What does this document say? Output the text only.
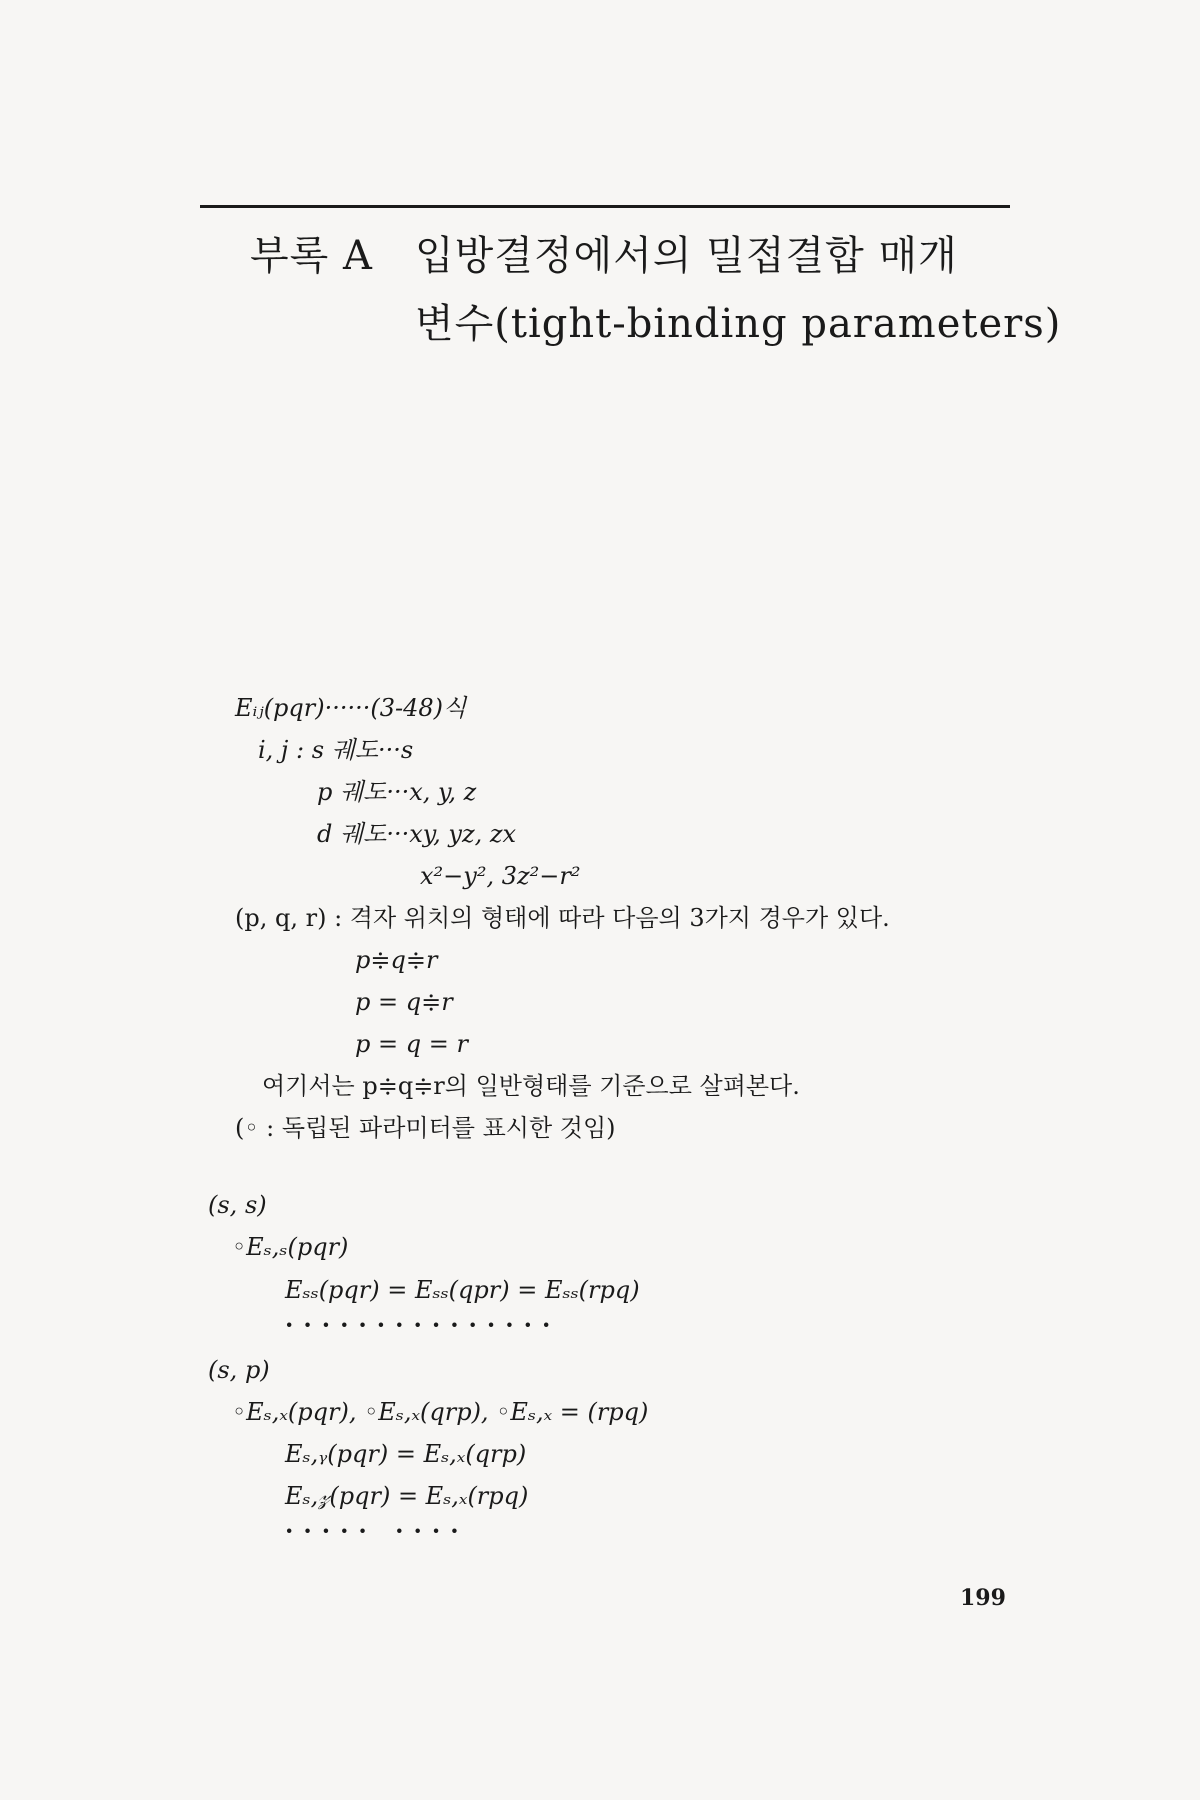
부록 A 입방결정에서의 밀접결합 매개
변수(tight-binding parameters)
Eᵢⱼ(pqr)······(3-48)식
i, j : s 궤도···s
p 궤도···x, y, z
d 궤도···xy, yz, zx
x²−y², 3z²−r²
(p, q, r) : 격자 위치의 형태에 따라 다음의 3가지 경우가 있다.
p≑q≑r
p = q≑r
p = q = r
여기서는 p≑q≑r의 일반형태를 기준으로 살펴본다.
(◦ : 독립된 파라미터를 표시한 것임)
(s, s)
◦Eₛ,ₛ(pqr)
Eₛₛ(pqr) = Eₛₛ(qpr) = Eₛₛ(rpq)
···············
(s, p)
◦Eₛ,ₓ(pqr), ◦Eₛ,ₓ(qrp), ◦Eₛ,ₓ = (rpq)
Eₛ,ᵧ(pqr) = Eₛ,ₓ(qrp)
Eₛ,𝓏(pqr) = Eₛ,ₓ(rpq)
····· ····
199
